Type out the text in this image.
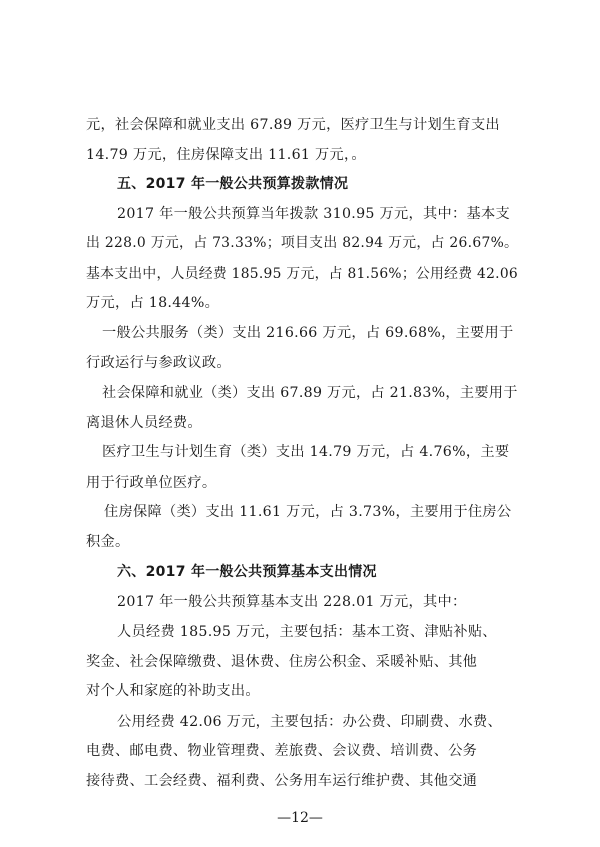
元，社会保障和就业支出 67.89 万元，医疗卫生与计划生育支出
14.79 万元，住房保障支出 11.61 万元，。
五、2017 年一般公共预算拨款情况
2017 年一般公共预算当年拨款 310.95 万元，其中：基本支
出 228.0 万元，占 73.33%；项目支出 82.94 万元，占 26.67%。
基本支出中，人员经费 185.95 万元，占 81.56%；公用经费 42.06
万元，占 18.44%。
一般公共服务（类）支出 216.66 万元，占 69.68%，主要用于
行政运行与参政议政。
社会保障和就业（类）支出 67.89 万元，占 21.83%，主要用于
离退休人员经费。
医疗卫生与计划生育（类）支出 14.79 万元，占 4.76%，主要
用于行政单位医疗。
住房保障（类）支出 11.61 万元，占 3.73%，主要用于住房公
积金。
六、2017 年一般公共预算基本支出情况
2017 年一般公共预算基本支出 228.01 万元，其中：
人员经费 185.95 万元，主要包括：基本工资、津贴补贴、
奖金、社会保障缴费、退休费、住房公积金、采暖补贴、其他
对个人和家庭的补助支出。
公用经费 42.06 万元，主要包括：办公费、印刷费、水费、
电费、邮电费、物业管理费、差旅费、会议费、培训费、公务
接待费、工会经费、福利费、公务用车运行维护费、其他交通
—12—
